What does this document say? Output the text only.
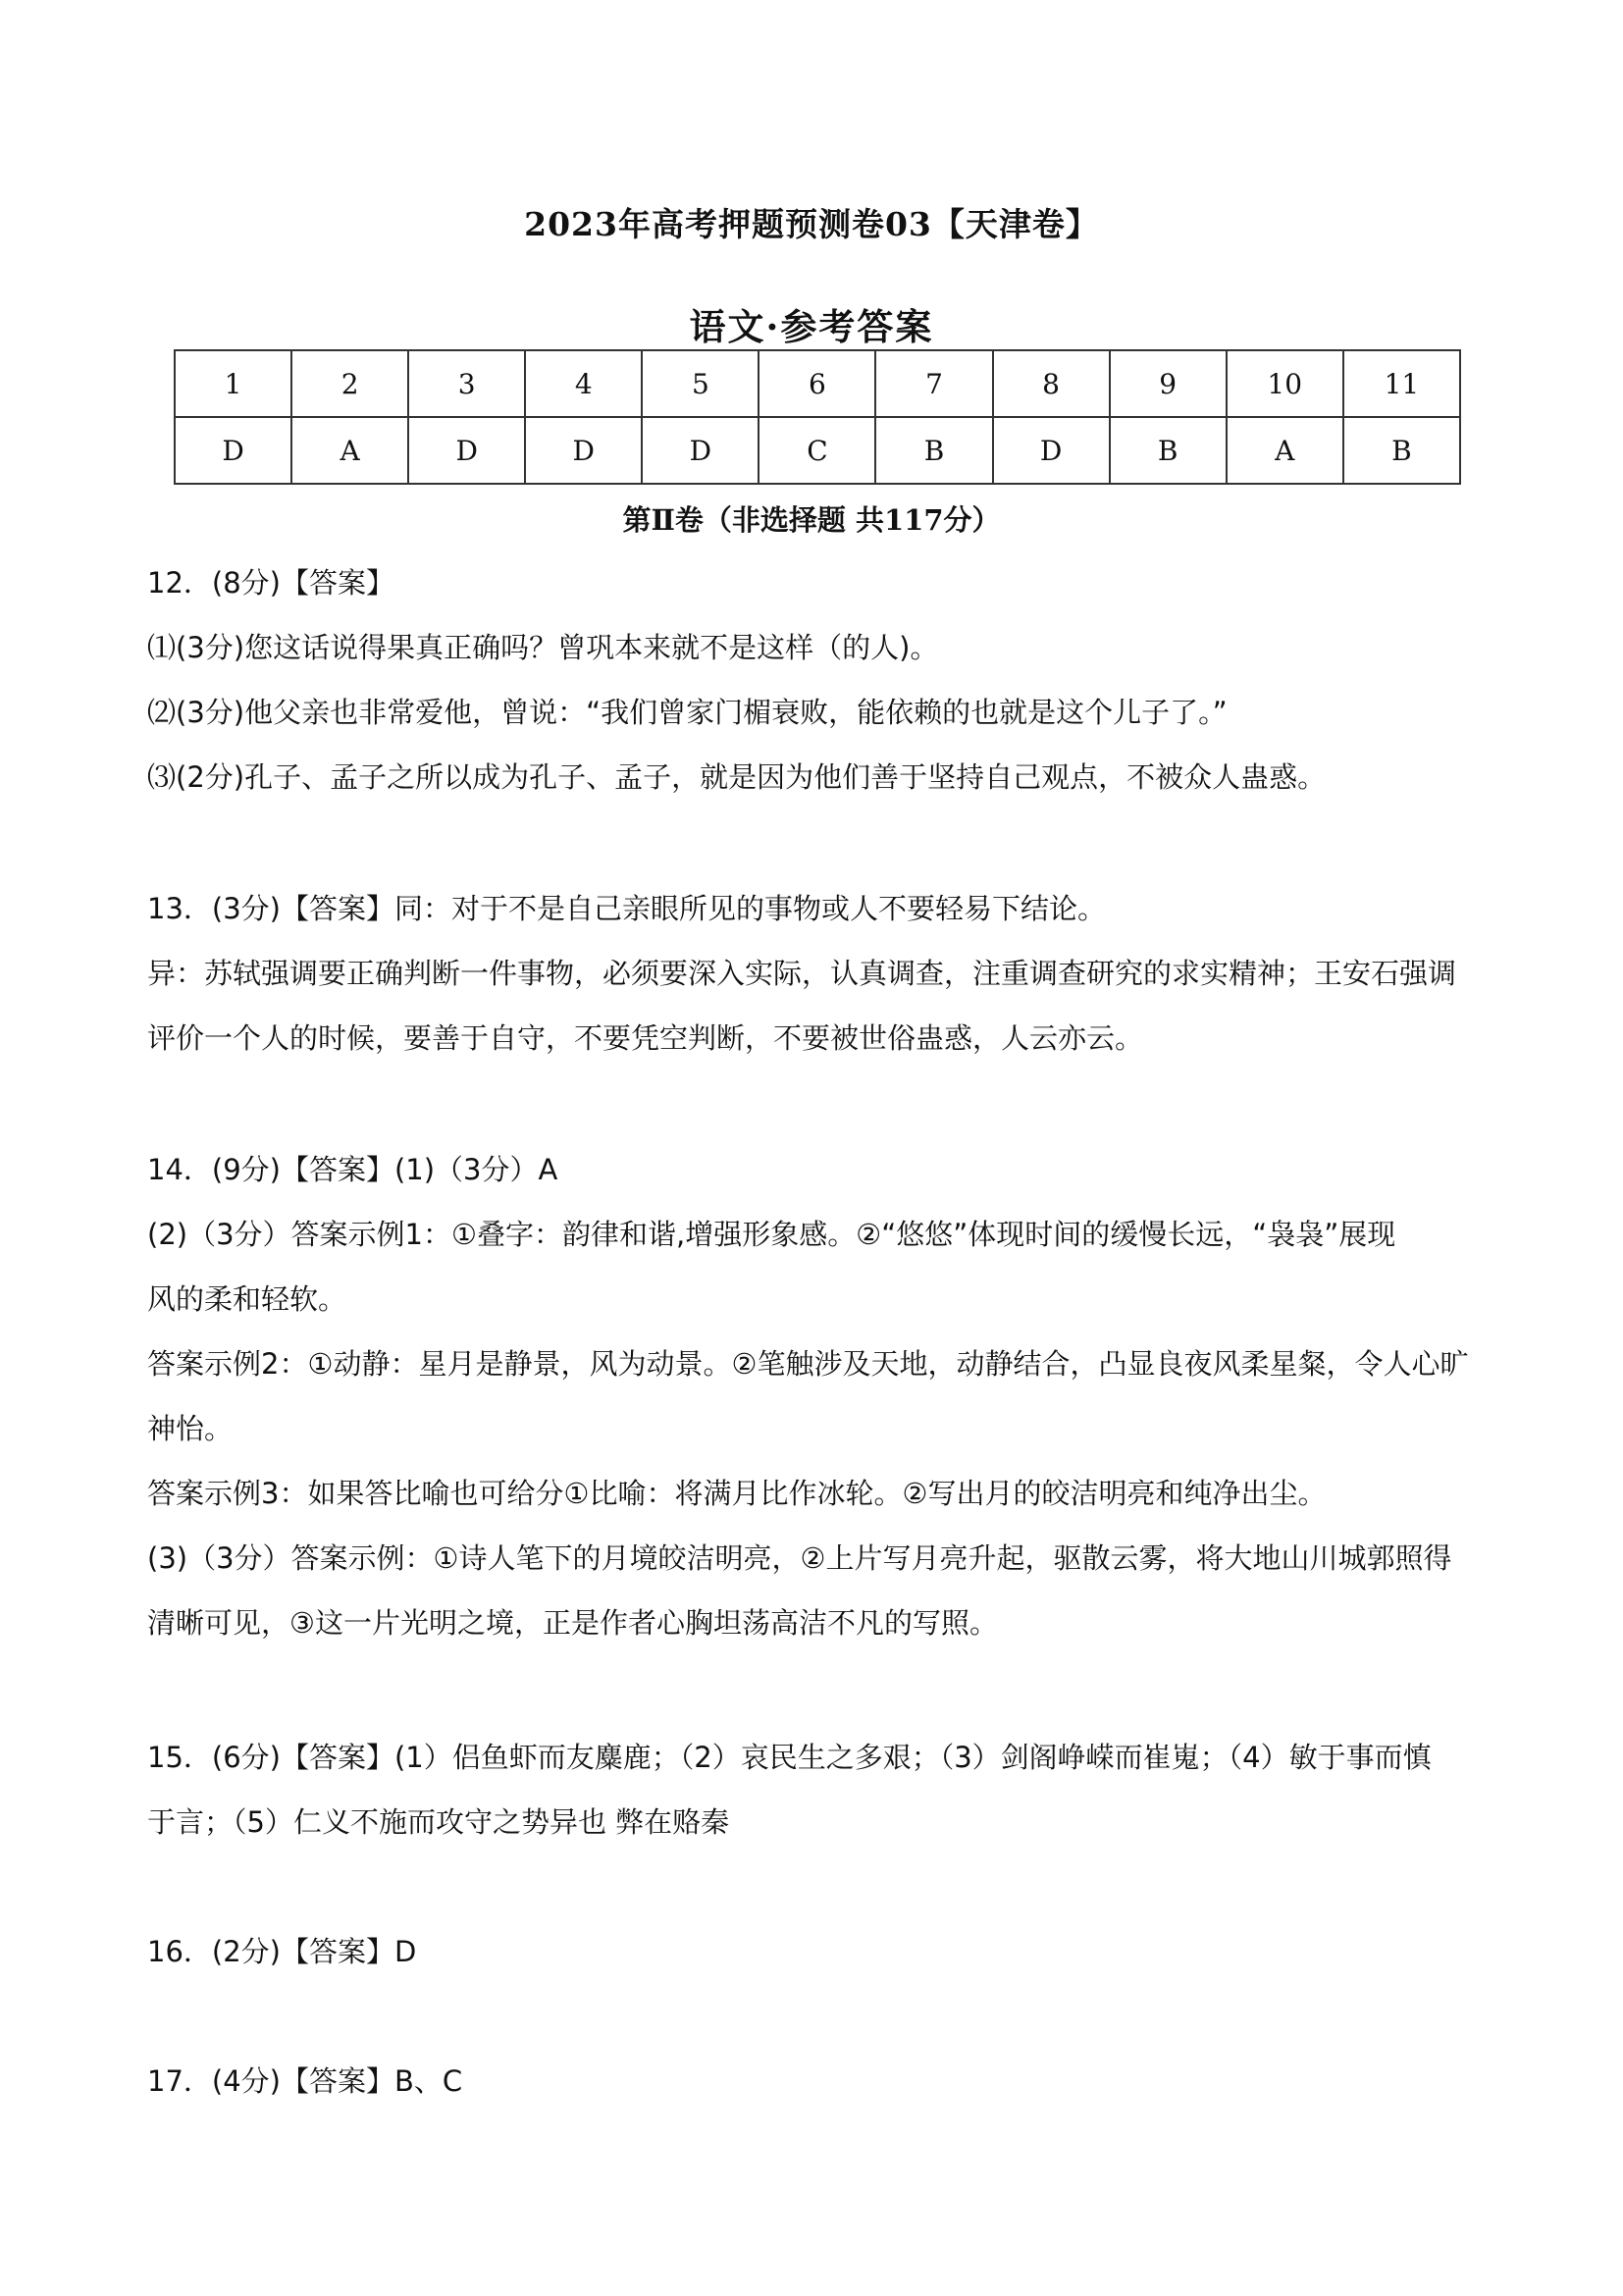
2023年高考押题预测卷03【天津卷】
语文·参考答案
1	2	3	4	5	6	7	8	9	10	11
D	A	D	D	D	C	B	D	B	A	B
第Ⅱ卷（非选择题 共117分）
12．(8分)【答案】
⑴(3分)您这话说得果真正确吗？曾巩本来就不是这样（的人)。
⑵(3分)他父亲也非常爱他，曾说：“我们曾家门楣衰败，能依赖的也就是这个儿子了。”
⑶(2分)孔子、孟子之所以成为孔子、孟子，就是因为他们善于坚持自己观点，不被众人蛊惑。
13．(3分)【答案】同：对于不是自己亲眼所见的事物或人不要轻易下结论。
异：苏轼强调要正确判断一件事物，必须要深入实际，认真调查，注重调查研究的求实精神；王安石强调
评价一个人的时候，要善于自守，不要凭空判断，不要被世俗蛊惑，人云亦云。
14．(9分)【答案】(1)（3分）A
(2)（3分）答案示例1：①叠字：韵律和谐,增强形象感。②“悠悠”体现时间的缓慢长远，“袅袅”展现
风的柔和轻软。
答案示例2：①动静：星月是静景，风为动景。②笔触涉及天地，动静结合，凸显良夜风柔星粲，令人心旷
神怡。
答案示例3：如果答比喻也可给分①比喻：将满月比作冰轮。②写出月的皎洁明亮和纯净出尘。
(3)（3分）答案示例：①诗人笔下的月境皎洁明亮，②上片写月亮升起，驱散云雾，将大地山川城郭照得
清晰可见，③这一片光明之境，正是作者心胸坦荡高洁不凡的写照。
15．(6分)【答案】(1）侣鱼虾而友麋鹿；（2）哀民生之多艰；（3）剑阁峥嵘而崔嵬；（4）敏于事而慎
于言；（5）仁义不施而攻守之势异也 弊在赂秦
16．(2分)【答案】D
17．(4分)【答案】B、C
